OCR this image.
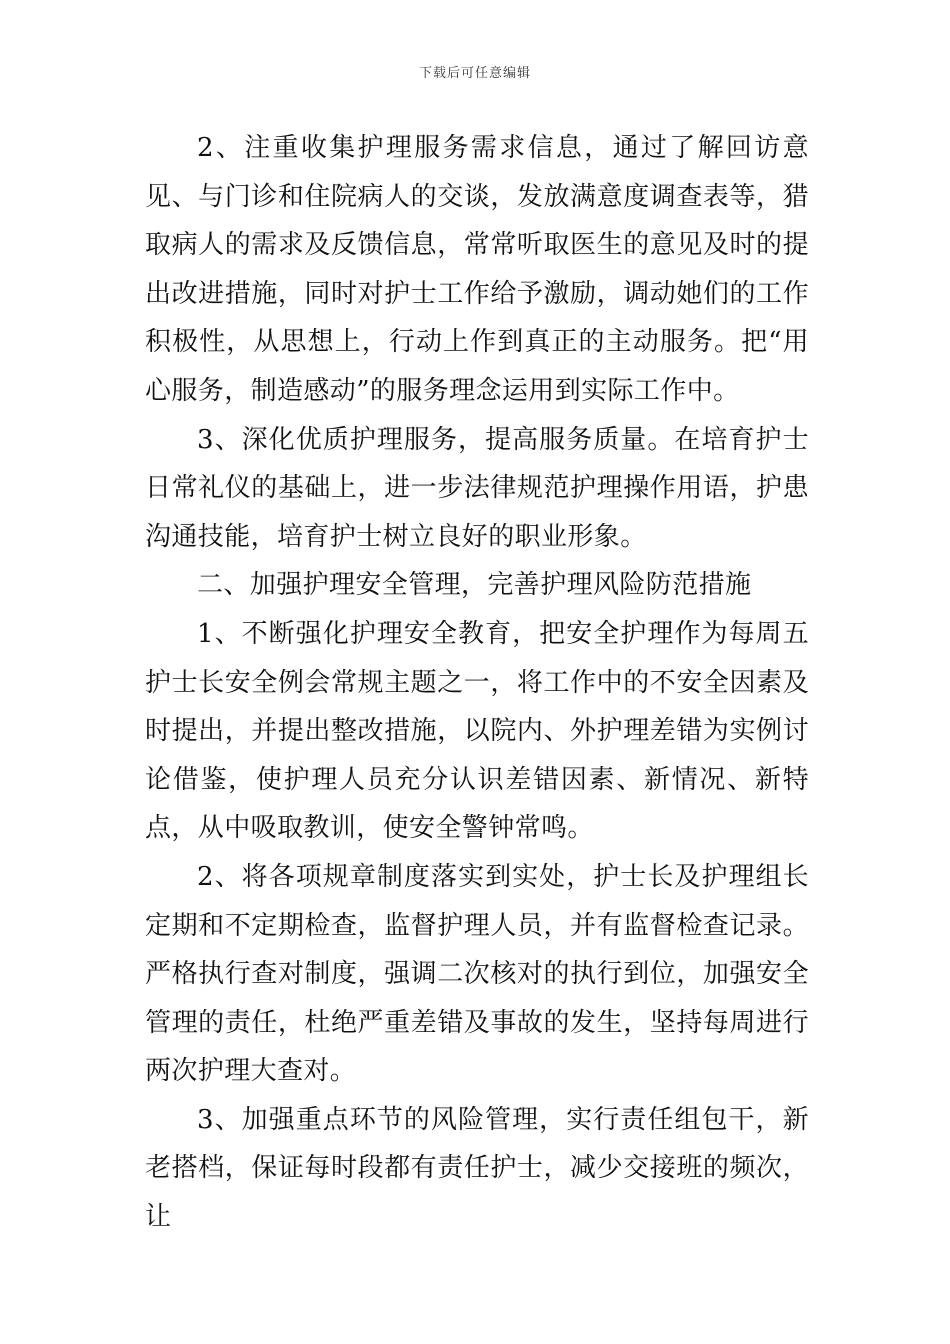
下载后可任意编辑

2、注重收集护理服务需求信息，通过了解回访意见、与门诊和住院病人的交谈，发放满意度调查表等，猎取病人的需求及反馈信息，常常听取医生的意见及时的提出改进措施，同时对护士工作给予激励，调动她们的工作积极性，从思想上，行动上作到真正的主动服务。把“用心服务，制造感动”的服务理念运用到实际工作中。

3、深化优质护理服务，提高服务质量。在培育护士日常礼仪的基础上，进一步法律规范护理操作用语，护患沟通技能，培育护士树立良好的职业形象。

二、加强护理安全管理，完善护理风险防范措施

1、不断强化护理安全教育，把安全护理作为每周五护士长安全例会常规主题之一，将工作中的不安全因素及时提出，并提出整改措施，以院内、外护理差错为实例讨论借鉴，使护理人员充分认识差错因素、新情况、新特点，从中吸取教训，使安全警钟常鸣。

2、将各项规章制度落实到实处，护士长及护理组长定期和不定期检查，监督护理人员，并有监督检查记录。严格执行查对制度，强调二次核对的执行到位，加强安全管理的责任，杜绝严重差错及事故的发生，坚持每周进行两次护理大查对。

3、加强重点环节的风险管理，实行责任组包干，新老搭档，保证每时段都有责任护士，减少交接班的频次，让
